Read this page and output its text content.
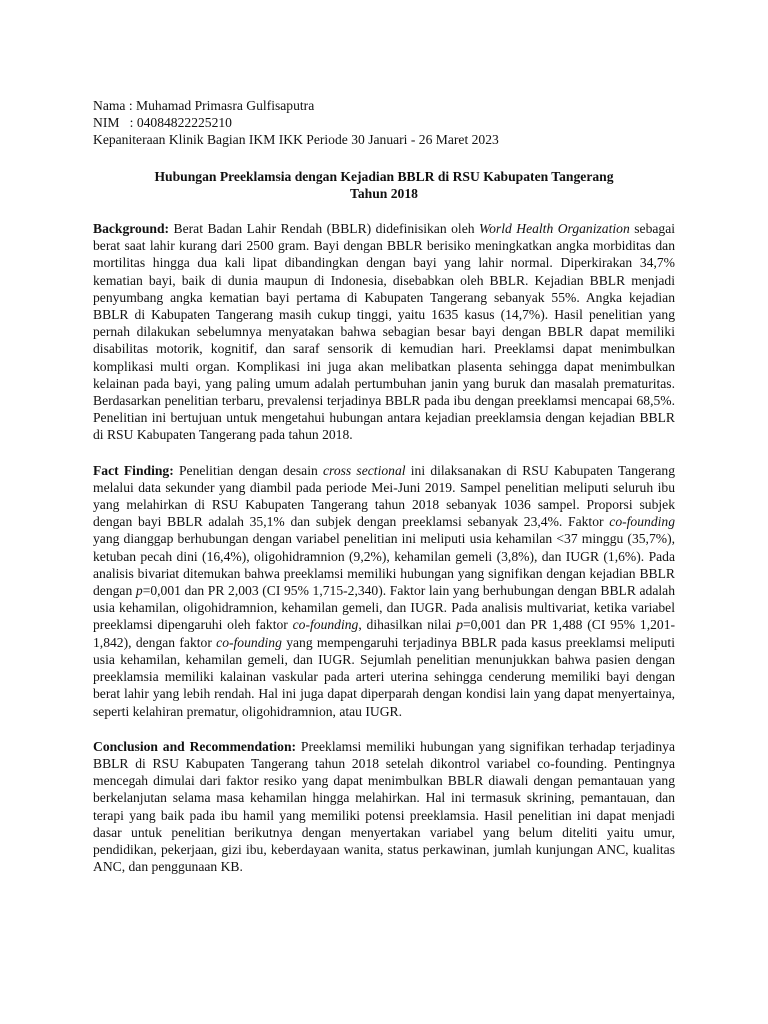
Nama : Muhamad Primasra Gulfisaputra
NIM   : 04084822225210
Kepaniteraan Klinik Bagian IKM IKK Periode 30 Januari - 26 Maret 2023
Hubungan Preeklamsia dengan Kejadian BBLR di RSU Kabupaten Tangerang
Tahun 2018
Background: Berat Badan Lahir Rendah (BBLR) didefinisikan oleh World Health Organization sebagai berat saat lahir kurang dari 2500 gram. Bayi dengan BBLR berisiko meningkatkan angka morbiditas dan mortilitas hingga dua kali lipat dibandingkan dengan bayi yang lahir normal. Diperkirakan 34,7% kematian bayi, baik di dunia maupun di Indonesia, disebabkan oleh BBLR. Kejadian BBLR menjadi penyumbang angka kematian bayi pertama di Kabupaten Tangerang sebanyak 55%. Angka kejadian BBLR di Kabupaten Tangerang masih cukup tinggi, yaitu 1635 kasus (14,7%). Hasil penelitian yang pernah dilakukan sebelumnya menyatakan bahwa sebagian besar bayi dengan BBLR dapat memiliki disabilitas motorik, kognitif, dan saraf sensorik di kemudian hari. Preeklamsi dapat menimbulkan komplikasi multi organ. Komplikasi ini juga akan melibatkan plasenta sehingga dapat menimbulkan kelainan pada bayi, yang paling umum adalah pertumbuhan janin yang buruk dan masalah prematuritas. Berdasarkan penelitian terbaru, prevalensi terjadinya BBLR pada ibu dengan preeklamsi mencapai 68,5%. Penelitian ini bertujuan untuk mengetahui hubungan antara kejadian preeklamsia dengan kejadian BBLR di RSU Kabupaten Tangerang pada tahun 2018.
Fact Finding: Penelitian dengan desain cross sectional ini dilaksanakan di RSU Kabupaten Tangerang melalui data sekunder yang diambil pada periode Mei-Juni 2019. Sampel penelitian meliputi seluruh ibu yang melahirkan di RSU Kabupaten Tangerang tahun 2018 sebanyak 1036 sampel. Proporsi subjek dengan bayi BBLR adalah 35,1% dan subjek dengan preeklamsi sebanyak 23,4%. Faktor co-founding yang dianggap berhubungan dengan variabel penelitian ini meliputi usia kehamilan <37 minggu (35,7%), ketuban pecah dini (16,4%), oligohidramnion (9,2%), kehamilan gemeli (3,8%), dan IUGR (1,6%). Pada analisis bivariat ditemukan bahwa preeklamsi memiliki hubungan yang signifikan dengan kejadian BBLR dengan p=0,001 dan PR 2,003 (CI 95% 1,715-2,340). Faktor lain yang berhubungan dengan BBLR adalah usia kehamilan, oligohidramnion, kehamilan gemeli, dan IUGR. Pada analisis multivariat, ketika variabel preeklamsi dipengaruhi oleh faktor co-founding, dihasilkan nilai p=0,001 dan PR 1,488 (CI 95% 1,201-1,842), dengan faktor co-founding yang mempengaruhi terjadinya BBLR pada kasus preeklamsi meliputi usia kehamilan, kehamilan gemeli, dan IUGR. Sejumlah penelitian menunjukkan bahwa pasien dengan preeklamsia memiliki kalainan vaskular pada arteri uterina sehingga cenderung memiliki bayi dengan berat lahir yang lebih rendah. Hal ini juga dapat diperparah dengan kondisi lain yang dapat menyertainya, seperti kelahiran prematur, oligohidramnion, atau IUGR.
Conclusion and Recommendation: Preeklamsi memiliki hubungan yang signifikan terhadap terjadinya BBLR di RSU Kabupaten Tangerang tahun 2018 setelah dikontrol variabel co-founding. Pentingnya mencegah dimulai dari faktor resiko yang dapat menimbulkan BBLR diawali dengan pemantauan yang berkelanjutan selama masa kehamilan hingga melahirkan. Hal ini termasuk skrining, pemantauan, dan terapi yang baik pada ibu hamil yang memiliki potensi preeklamsia. Hasil penelitian ini dapat menjadi dasar untuk penelitian berikutnya dengan menyertakan variabel yang belum diteliti yaitu umur, pendidikan, pekerjaan, gizi ibu, keberdayaan wanita, status perkawinan, jumlah kunjungan ANC, kualitas ANC, dan penggunaan KB.
